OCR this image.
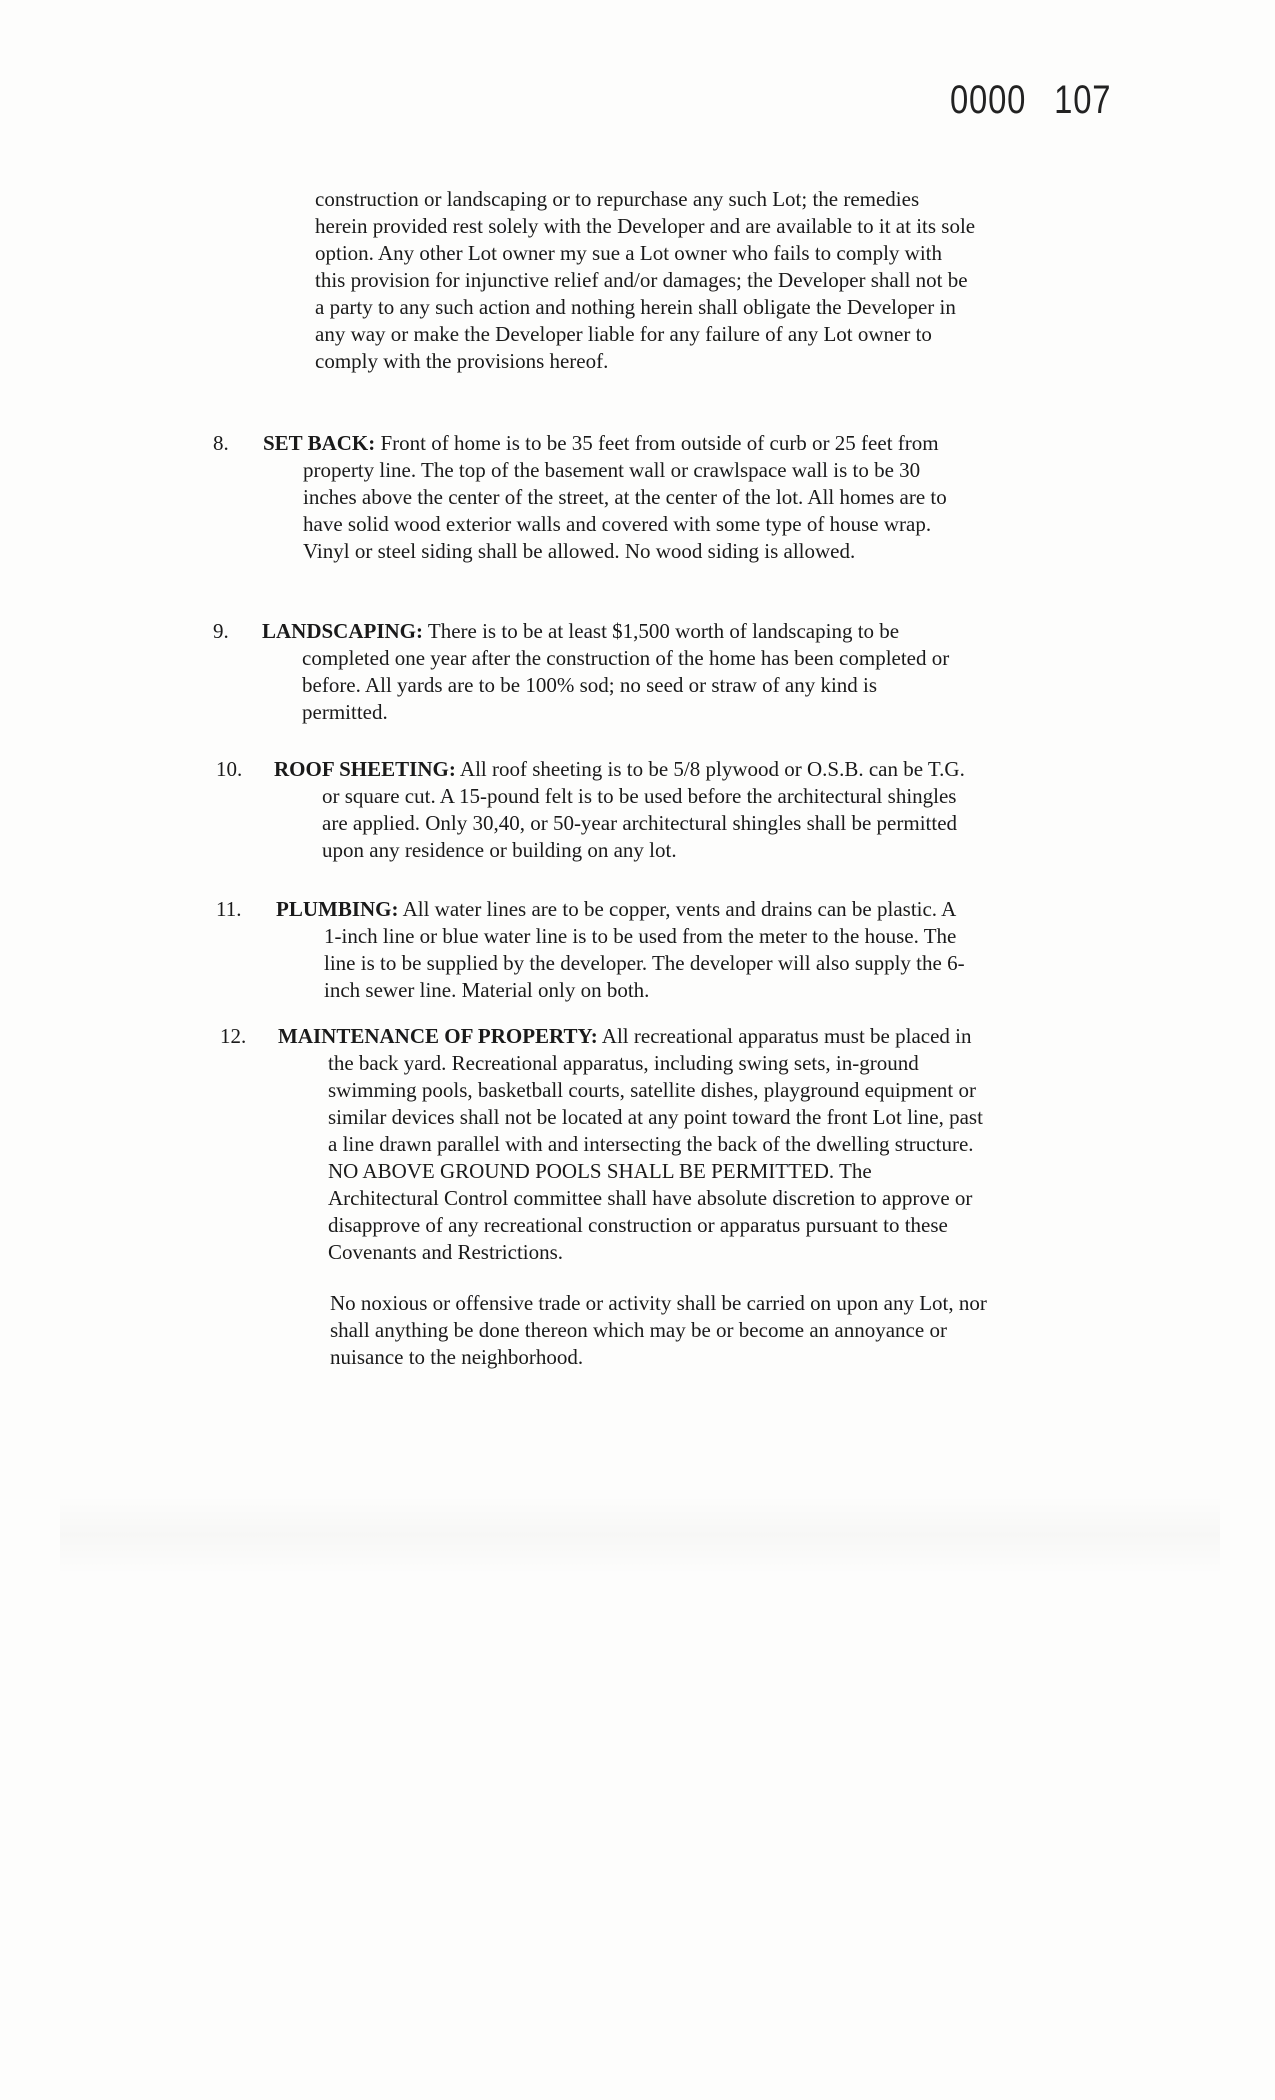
0000 107

construction or landscaping or to repurchase any such Lot; the remedies
herein provided rest solely with the Developer and are available to it at its sole
option. Any other Lot owner my sue a Lot owner who fails to comply with
this provision for injunctive relief and/or damages; the Developer shall not be
a party to any such action and nothing herein shall obligate the Developer in
any way or make the Developer liable for any failure of any Lot owner to
comply with the provisions hereof.

8. SET BACK: Front of home is to be 35 feet from outside of curb or 25 feet from
property line. The top of the basement wall or crawlspace wall is to be 30
inches above the center of the street, at the center of the lot. All homes are to
have solid wood exterior walls and covered with some type of house wrap.
Vinyl or steel siding shall be allowed. No wood siding is allowed.
9. LANDSCAPING: There is to be at least $1,500 worth of landscaping to be
completed one year after the construction of the home has been completed or
before. All yards are to be 100% sod; no seed or straw of any kind is
permitted.
10. ROOF SHEETING: All roof sheeting is to be 5/8 plywood or O.S.B. can be T.G.
or square cut. A 15-pound felt is to be used before the architectural shingles
are applied. Only 30,40, or 50-year architectural shingles shall be permitted
upon any residence or building on any lot.
11. PLUMBING: All water lines are to be copper, vents and drains can be plastic. A
1-inch line or blue water line is to be used from the meter to the house. The
line is to be supplied by the developer. The developer will also supply the 6-
inch sewer line. Material only on both.
12. MAINTENANCE OF PROPERTY: All recreational apparatus must be placed in
the back yard. Recreational apparatus, including swing sets, in-ground
swimming pools, basketball courts, satellite dishes, playground equipment or
similar devices shall not be located at any point toward the front Lot line, past
a line drawn parallel with and intersecting the back of the dwelling structure.
NO ABOVE GROUND POOLS SHALL BE PERMITTED. The
Architectural Control committee shall have absolute discretion to approve or
disapprove of any recreational construction or apparatus pursuant to these
Covenants and Restrictions.

No noxious or offensive trade or activity shall be carried on upon any Lot, nor
shall anything be done thereon which may be or become an annoyance or
nuisance to the neighborhood.
